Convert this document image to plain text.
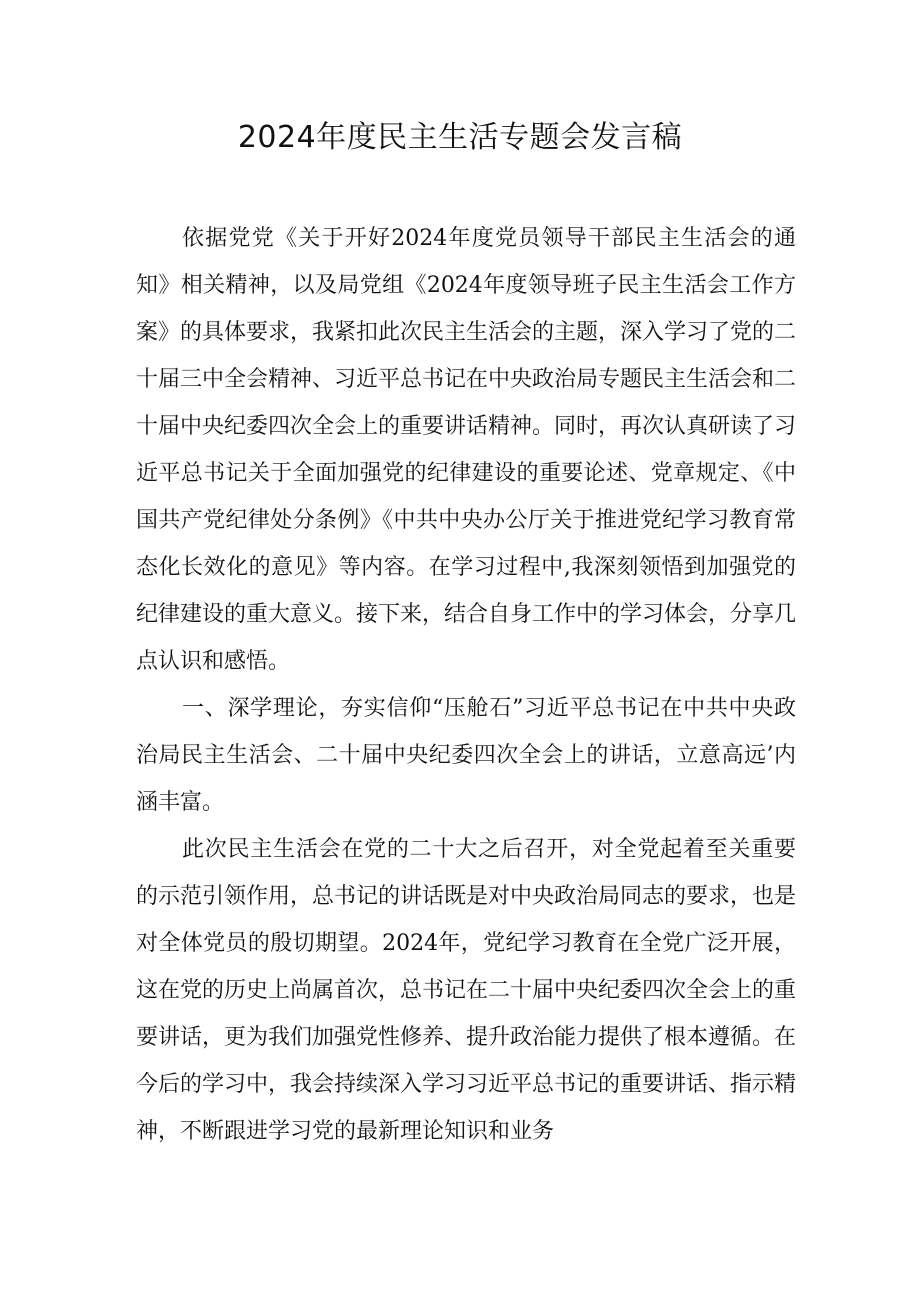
2024年度民主生活专题会发言稿

依据党党《关于开好2024年度党员领导干部民主生活会的通知》相关精神，以及局党组《2024年度领导班子民主生活会工作方案》的具体要求，我紧扣此次民主生活会的主题，深入学习了党的二十届三中全会精神、习近平总书记在中央政治局专题民主生活会和二十届中央纪委四次全会上的重要讲话精神。同时，再次认真研读了习近平总书记关于全面加强党的纪律建设的重要论述、党章规定、《中国共产党纪律处分条例》《中共中央办公厅关于推进党纪学习教育常态化长效化的意见》等内容。在学习过程中,我深刻领悟到加强党的纪律建设的重大意义。接下来，结合自身工作中的学习体会，分享几点认识和感悟。

一、深学理论，夯实信仰“压舱石”习近平总书记在中共中央政治局民主生活会、二十届中央纪委四次全会上的讲话，立意高远’内涵丰富。

此次民主生活会在党的二十大之后召开，对全党起着至关重要的示范引领作用，总书记的讲话既是对中央政治局同志的要求，也是对全体党员的殷切期望。2024年，党纪学习教育在全党广泛开展，这在党的历史上尚属首次，总书记在二十届中央纪委四次全会上的重要讲话，更为我们加强党性修养、提升政治能力提供了根本遵循。在今后的学习中，我会持续深入学习习近平总书记的重要讲话、指示精神，不断跟进学习党的最新理论知识和业务
